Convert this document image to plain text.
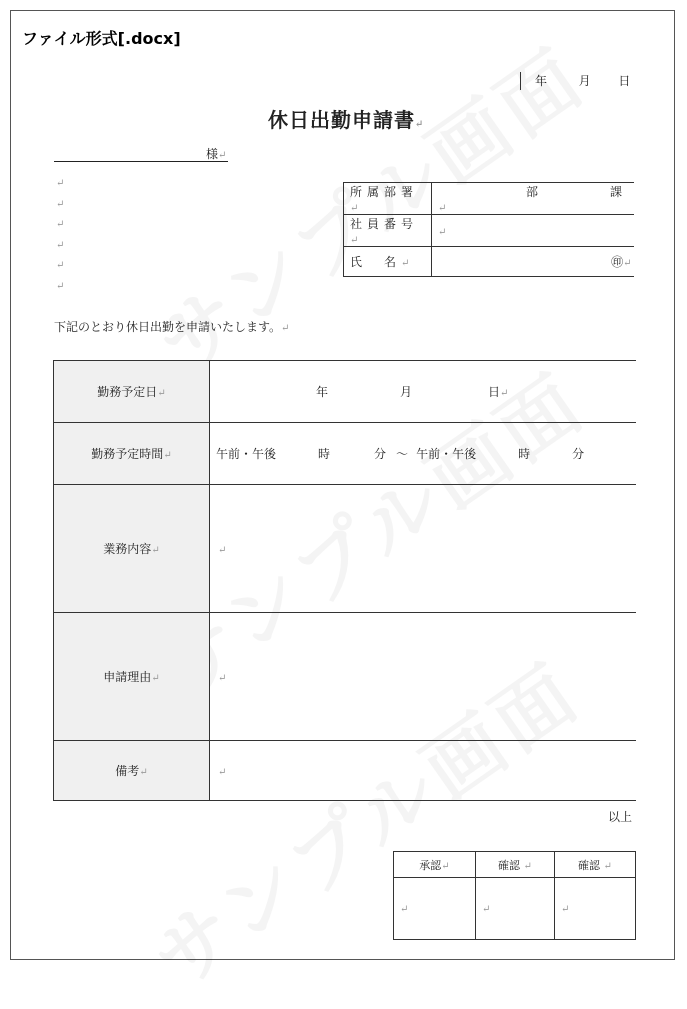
ファイル形式[.docx]
年	月 日
休日出勤申請書↵
様↵
↵
↵
↵
↵
↵
↵
所属部署↵	部 課↵
社員番号↵	↵
氏　名↵	㊞↵
下記のとおり休日出勤を申請いたします。↵
勤務予定日↵	年 月 日↵
勤務予定時間↵	午前・午後 時 分 ～ 午前・午後 時 分
業務内容↵	↵
申請理由↵	↵
備考↵	↵
以上
承認↵	確認 ↵	確認 ↵
↵	↵	↵
